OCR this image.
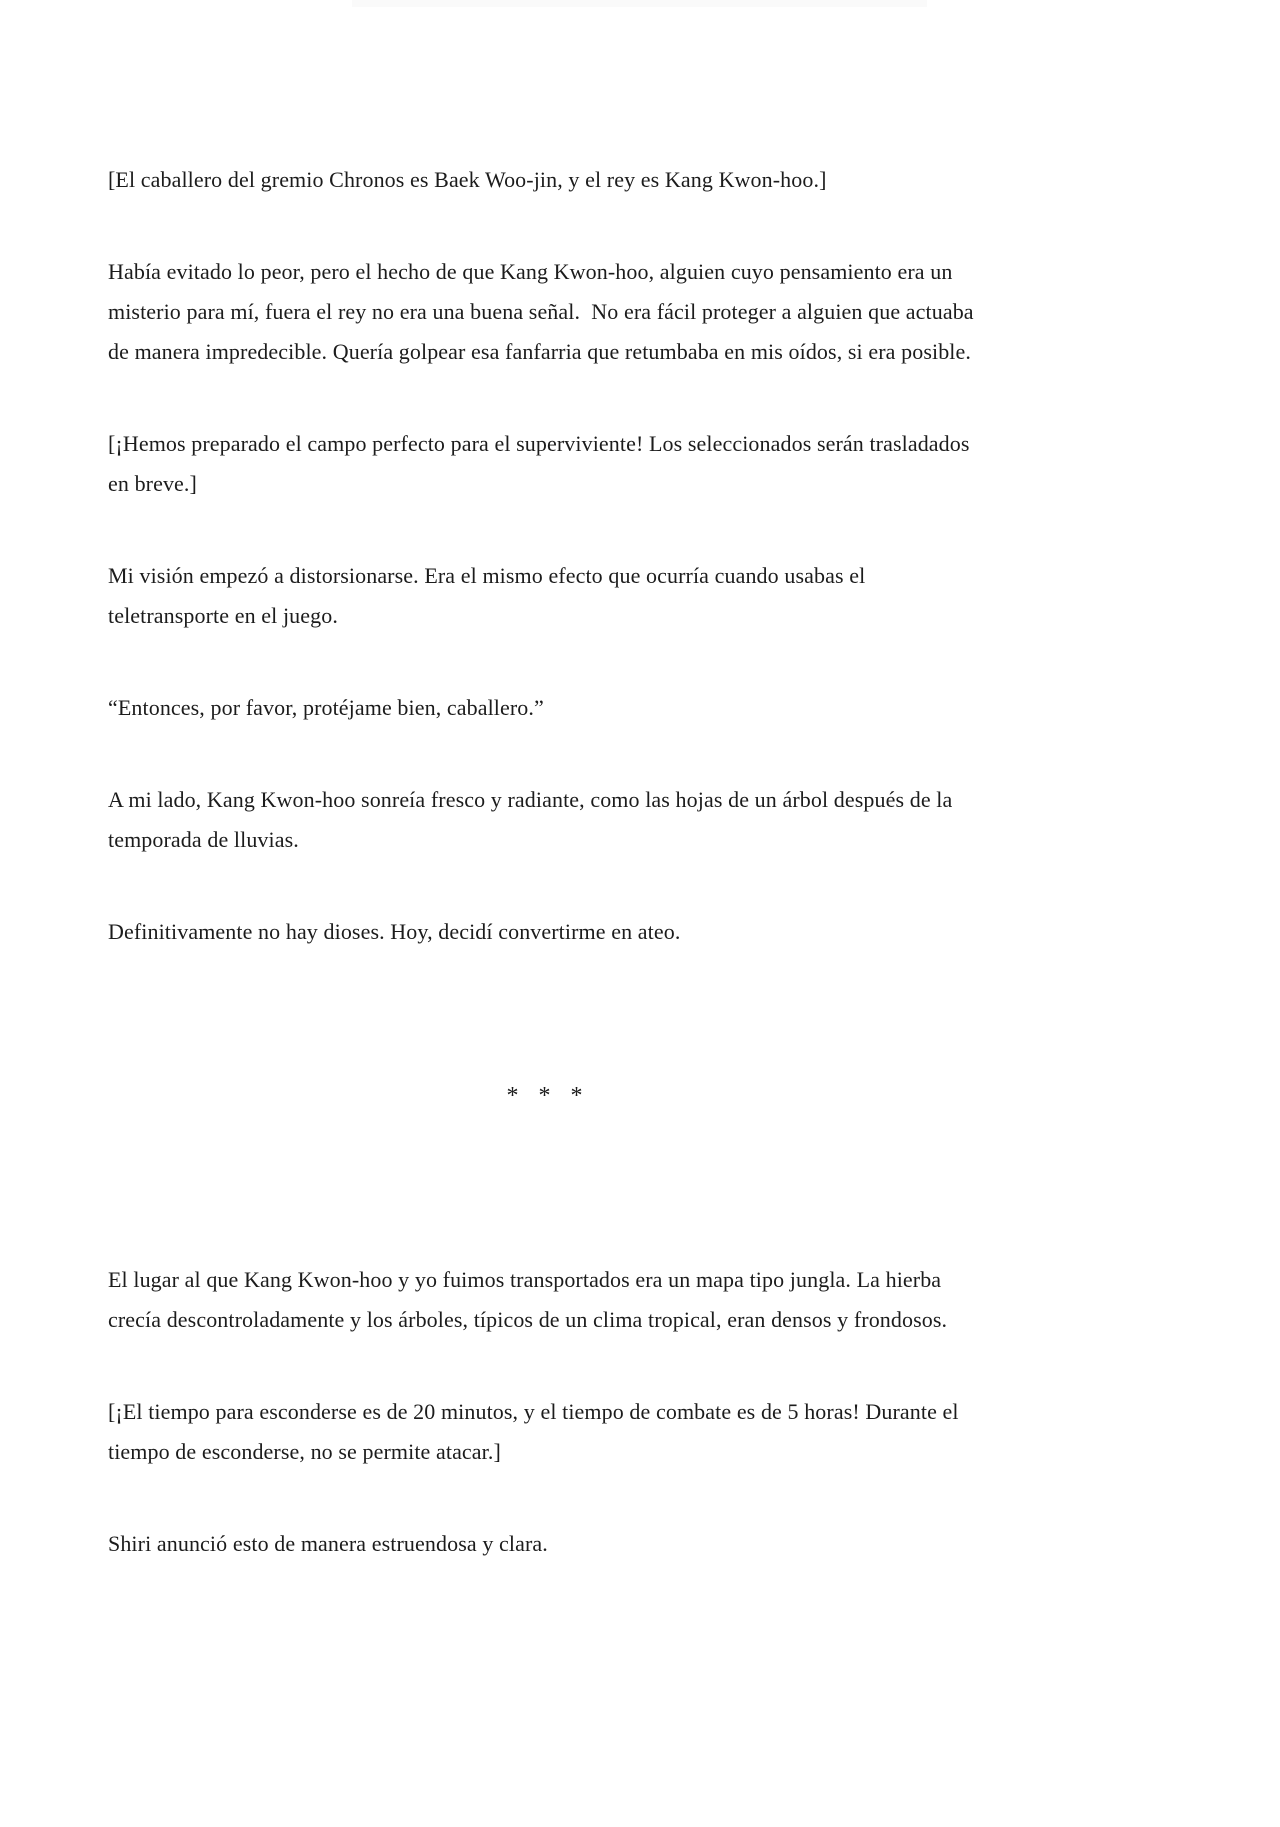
[El caballero del gremio Chronos es Baek Woo-jin, y el rey es Kang Kwon-hoo.]

Había evitado lo peor, pero el hecho de que Kang Kwon-hoo, alguien cuyo pensamiento era un misterio para mí, fuera el rey no era una buena señal.  No era fácil proteger a alguien que actuaba de manera impredecible. Quería golpear esa fanfarria que retumbaba en mis oídos, si era posible.

[¡Hemos preparado el campo perfecto para el superviviente! Los seleccionados serán trasladados en breve.]

Mi visión empezó a distorsionarse. Era el mismo efecto que ocurría cuando usabas el teletransporte en el juego.

“Entonces, por favor, protéjame bien, caballero.”

A mi lado, Kang Kwon-hoo sonreía fresco y radiante, como las hojas de un árbol después de la temporada de lluvias.

Definitivamente no hay dioses. Hoy, decidí convertirme en ateo.

* * *

El lugar al que Kang Kwon-hoo y yo fuimos transportados era un mapa tipo jungla. La hierba crecía descontroladamente y los árboles, típicos de un clima tropical, eran densos y frondosos.

[¡El tiempo para esconderse es de 20 minutos, y el tiempo de combate es de 5 horas! Durante el tiempo de esconderse, no se permite atacar.]

Shiri anunció esto de manera estruendosa y clara.
